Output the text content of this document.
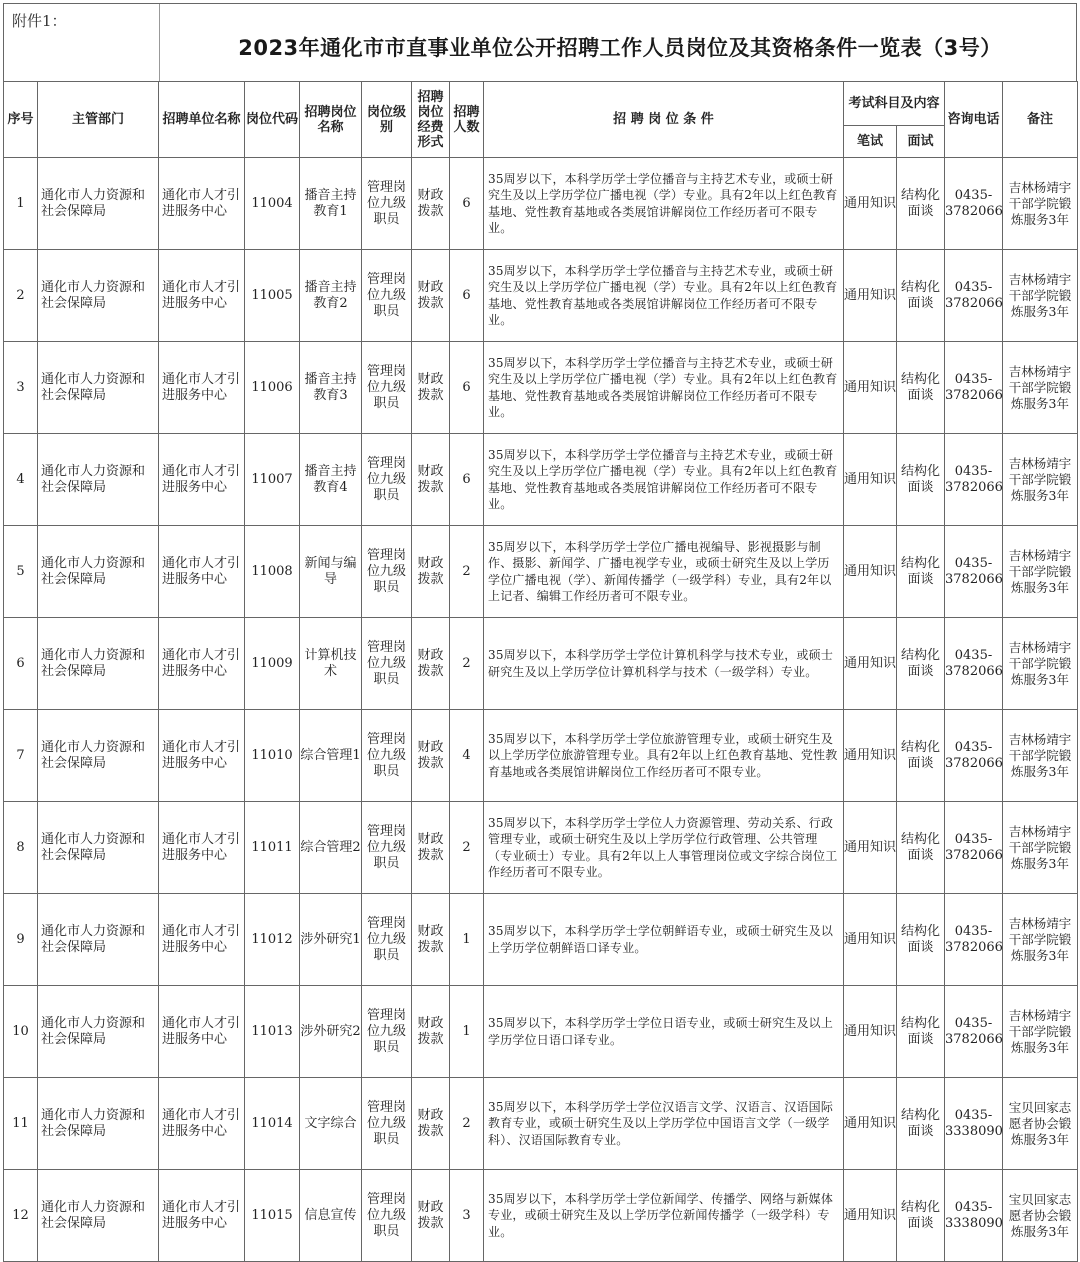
附件1：
2023年通化市市直事业单位公开招聘工作人员岗位及其资格条件一览表（3号）
序号	主管部门	招聘单位名称	岗位代码	招聘岗位名称	岗位级别	招聘岗位经费形式	招聘人数	招 聘 岗 位 条 件	考试科目及内容		咨询电话	备注
									笔试	面试		
1	通化市人力资源和社会保障局	通化市人才引进服务中心	11004	播音主持教育1	管理岗位九级职员	财政拨款	6	35周岁以下，本科学历学士学位播音与主持艺术专业，或硕士研究生及以上学历学位广播电视（学）专业。具有2年以上红色教育基地、党性教育基地或各类展馆讲解岗位工作经历者可不限专业。	通用知识	结构化面谈	0435-3782066	吉林杨靖宇干部学院锻炼服务3年
2	通化市人力资源和社会保障局	通化市人才引进服务中心	11005	播音主持教育2	管理岗位九级职员	财政拨款	6	35周岁以下，本科学历学士学位播音与主持艺术专业，或硕士研究生及以上学历学位广播电视（学）专业。具有2年以上红色教育基地、党性教育基地或各类展馆讲解岗位工作经历者可不限专业。	通用知识	结构化面谈	0435-3782066	吉林杨靖宇干部学院锻炼服务3年
3	通化市人力资源和社会保障局	通化市人才引进服务中心	11006	播音主持教育3	管理岗位九级职员	财政拨款	6	35周岁以下，本科学历学士学位播音与主持艺术专业，或硕士研究生及以上学历学位广播电视（学）专业。具有2年以上红色教育基地、党性教育基地或各类展馆讲解岗位工作经历者可不限专业。	通用知识	结构化面谈	0435-3782066	吉林杨靖宇干部学院锻炼服务3年
4	通化市人力资源和社会保障局	通化市人才引进服务中心	11007	播音主持教育4	管理岗位九级职员	财政拨款	6	35周岁以下，本科学历学士学位播音与主持艺术专业，或硕士研究生及以上学历学位广播电视（学）专业。具有2年以上红色教育基地、党性教育基地或各类展馆讲解岗位工作经历者可不限专业。	通用知识	结构化面谈	0435-3782066	吉林杨靖宇干部学院锻炼服务3年
5	通化市人力资源和社会保障局	通化市人才引进服务中心	11008	新闻与编导	管理岗位九级职员	财政拨款	2	35周岁以下，本科学历学士学位广播电视编导、影视摄影与制作、摄影、新闻学、广播电视学专业，或硕士研究生及以上学历学位广播电视（学）、新闻传播学（一级学科）专业，具有2年以上记者、编辑工作经历者可不限专业。	通用知识	结构化面谈	0435-3782066	吉林杨靖宇干部学院锻炼服务3年
6	通化市人力资源和社会保障局	通化市人才引进服务中心	11009	计算机技术	管理岗位九级职员	财政拨款	2	35周岁以下，本科学历学士学位计算机科学与技术专业，或硕士研究生及以上学历学位计算机科学与技术（一级学科）专业。	通用知识	结构化面谈	0435-3782066	吉林杨靖宇干部学院锻炼服务3年
7	通化市人力资源和社会保障局	通化市人才引进服务中心	11010	综合管理1	管理岗位九级职员	财政拨款	4	35周岁以下，本科学历学士学位旅游管理专业，或硕士研究生及以上学历学位旅游管理专业。具有2年以上红色教育基地、党性教育基地或各类展馆讲解岗位工作经历者可不限专业。	通用知识	结构化面谈	0435-3782066	吉林杨靖宇干部学院锻炼服务3年
8	通化市人力资源和社会保障局	通化市人才引进服务中心	11011	综合管理2	管理岗位九级职员	财政拨款	2	35周岁以下，本科学历学士学位人力资源管理、劳动关系、行政管理专业，或硕士研究生及以上学历学位行政管理、公共管理（专业硕士）专业。具有2年以上人事管理岗位或文字综合岗位工作经历者可不限专业。	通用知识	结构化面谈	0435-3782066	吉林杨靖宇干部学院锻炼服务3年
9	通化市人力资源和社会保障局	通化市人才引进服务中心	11012	涉外研究1	管理岗位九级职员	财政拨款	1	35周岁以下，本科学历学士学位朝鲜语专业，或硕士研究生及以上学历学位朝鲜语口译专业。	通用知识	结构化面谈	0435-3782066	吉林杨靖宇干部学院锻炼服务3年
10	通化市人力资源和社会保障局	通化市人才引进服务中心	11013	涉外研究2	管理岗位九级职员	财政拨款	1	35周岁以下，本科学历学士学位日语专业，或硕士研究生及以上学历学位日语口译专业。	通用知识	结构化面谈	0435-3782066	吉林杨靖宇干部学院锻炼服务3年
11	通化市人力资源和社会保障局	通化市人才引进服务中心	11014	文字综合	管理岗位九级职员	财政拨款	2	35周岁以下，本科学历学士学位汉语言文学、汉语言、汉语国际教育专业，或硕士研究生及以上学历学位中国语言文学（一级学科）、汉语国际教育专业。	通用知识	结构化面谈	0435-3338090	宝贝回家志愿者协会锻炼服务3年
12	通化市人力资源和社会保障局	通化市人才引进服务中心	11015	信息宣传	管理岗位九级职员	财政拨款	3	35周岁以下，本科学历学士学位新闻学、传播学、网络与新媒体专业，或硕士研究生及以上学历学位新闻传播学（一级学科）专业。	通用知识	结构化面谈	0435-3338090	宝贝回家志愿者协会锻炼服务3年
